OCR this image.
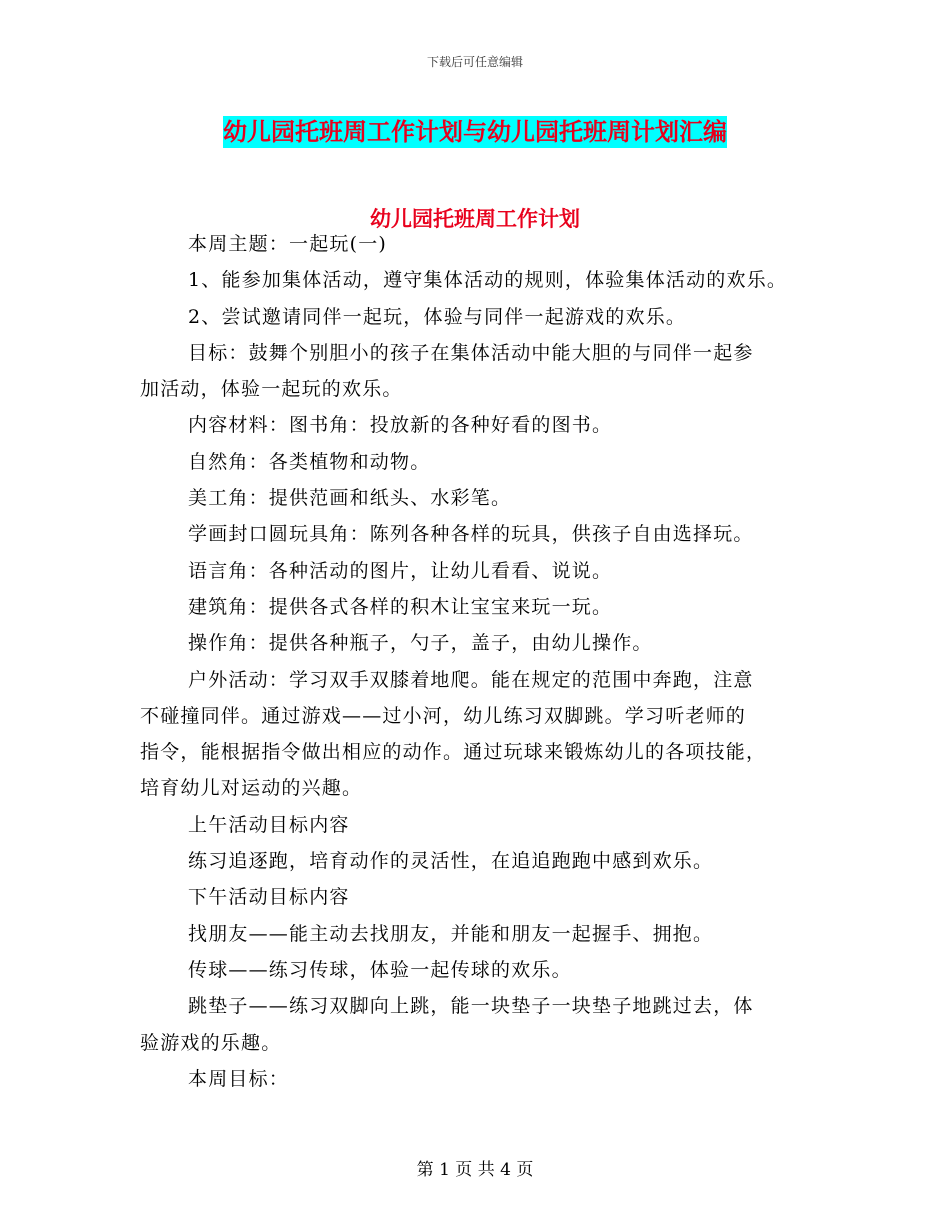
下载后可任意编辑
幼儿园托班周工作计划与幼儿园托班周计划汇编
幼儿园托班周工作计划

本周主题：一起玩(一)

1、能参加集体活动，遵守集体活动的规则，体验集体活动的欢乐。

2、尝试邀请同伴一起玩，体验与同伴一起游戏的欢乐。

目标：鼓舞个别胆小的孩子在集体活动中能大胆的与同伴一起参

加活动，体验一起玩的欢乐。

内容材料：图书角：投放新的各种好看的图书。

自然角：各类植物和动物。

美工角：提供范画和纸头、水彩笔。

学画封口圆玩具角：陈列各种各样的玩具，供孩子自由选择玩。

语言角：各种活动的图片，让幼儿看看、说说。

建筑角：提供各式各样的积木让宝宝来玩一玩。

操作角：提供各种瓶子，勺子，盖子，由幼儿操作。

户外活动：学习双手双膝着地爬。能在规定的范围中奔跑，注意

不碰撞同伴。通过游戏——过小河，幼儿练习双脚跳。学习听老师的

指令，能根据指令做出相应的动作。通过玩球来锻炼幼儿的各项技能，

培育幼儿对运动的兴趣。

上午活动目标内容

练习追逐跑，培育动作的灵活性，在追追跑跑中感到欢乐。

下午活动目标内容

找朋友——能主动去找朋友，并能和朋友一起握手、拥抱。

传球——练习传球，体验一起传球的欢乐。

跳垫子——练习双脚向上跳，能一块垫子一块垫子地跳过去，体

验游戏的乐趣。

本周目标：

第 1 页 共 4 页
